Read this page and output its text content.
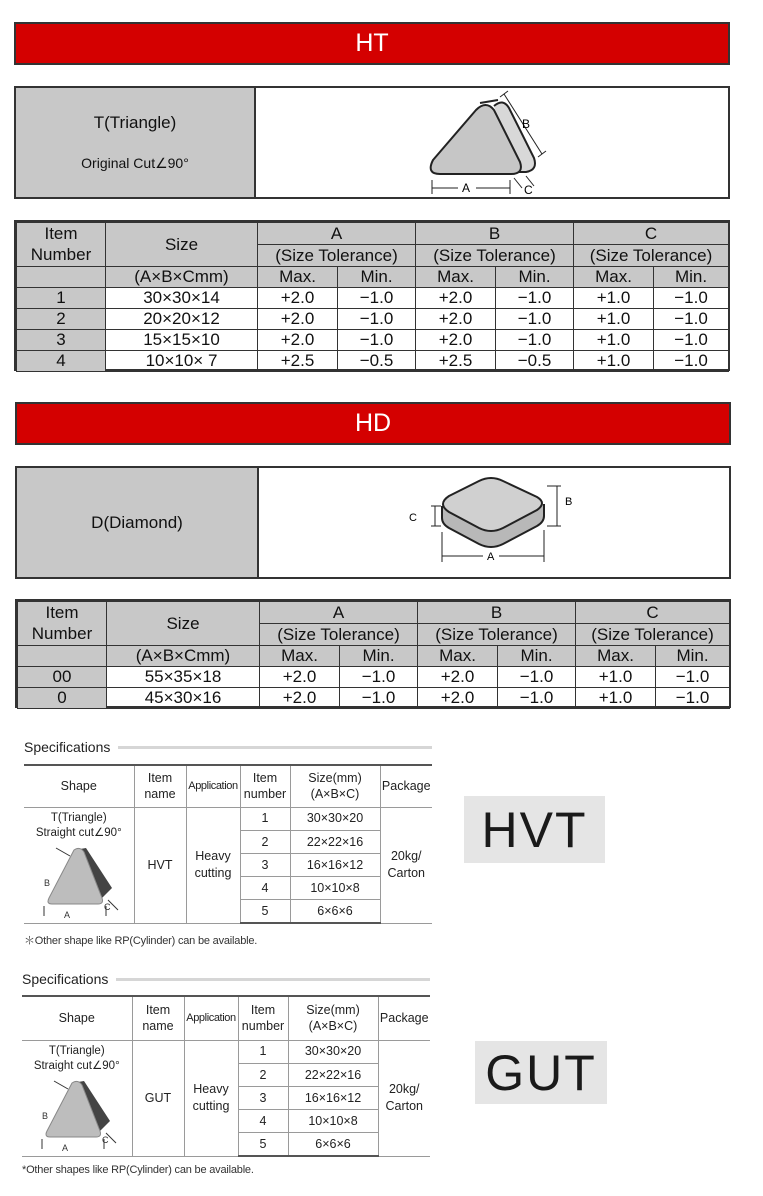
HT
T(Triangle)
Original Cut∠90°
B
A	C
Item Number	Size	A		B		C	
		(Size Tolerance)		(Size Tolerance)		(Size Tolerance)	
	(A×B×Cmm)	Max.	Min.	Max.	Min.	Max.	Min.
1	30×30×14	+2.0	−1.0	+2.0	−1.0	+1.0	−1.0
2	20×20×12	+2.0	−1.0	+2.0	−1.0	+1.0	−1.0
3	15×15×10	+2.0	−1.0	+2.0	−1.0	+1.0	−1.0
4	10×10× 7	+2.5	−0.5	+2.5	−0.5	+1.0	−1.0
HD
D(Diamond)	C
B
A
Item Number	Size	A		B		C	
		(Size Tolerance)		(Size Tolerance)		(Size Tolerance)	
	(A×B×Cmm)	Max.	Min.	Max.	Min.	Max.	Min.
00	55×35×18	+2.0	−1.0	+2.0	−1.0	+1.0	−1.0
0	45×30×16	+2.0	−1.0	+2.0	−1.0	+1.0	−1.0
Specifications
Shape	Item name	Application	Item number	Size(mm)
(A×B×C)	Package

T(Triangle)
Straight cut∠90°
B
A
C	HVT	Heavy cutting	1	30×30×20	20kg/ Carton
			2	22×22×16	
			3	16×16×12	
			4	10×10×8	
			5	6×6×6	
＊Other shape like RP(Cylinder) can be available.
HVT
Specifications
Shape	Item name	Application	Item number	Size(mm)
(A×B×C)	Package

T(Triangle)
Straight cut∠90°
B
A
C	GUT	Heavy cutting	1	30×30×20	20kg/ Carton
			2	22×22×16	
			3	16×16×12	
			4	10×10×8	
			5	6×6×6	
*Other shapes like RP(Cylinder) can be available.
GUT
